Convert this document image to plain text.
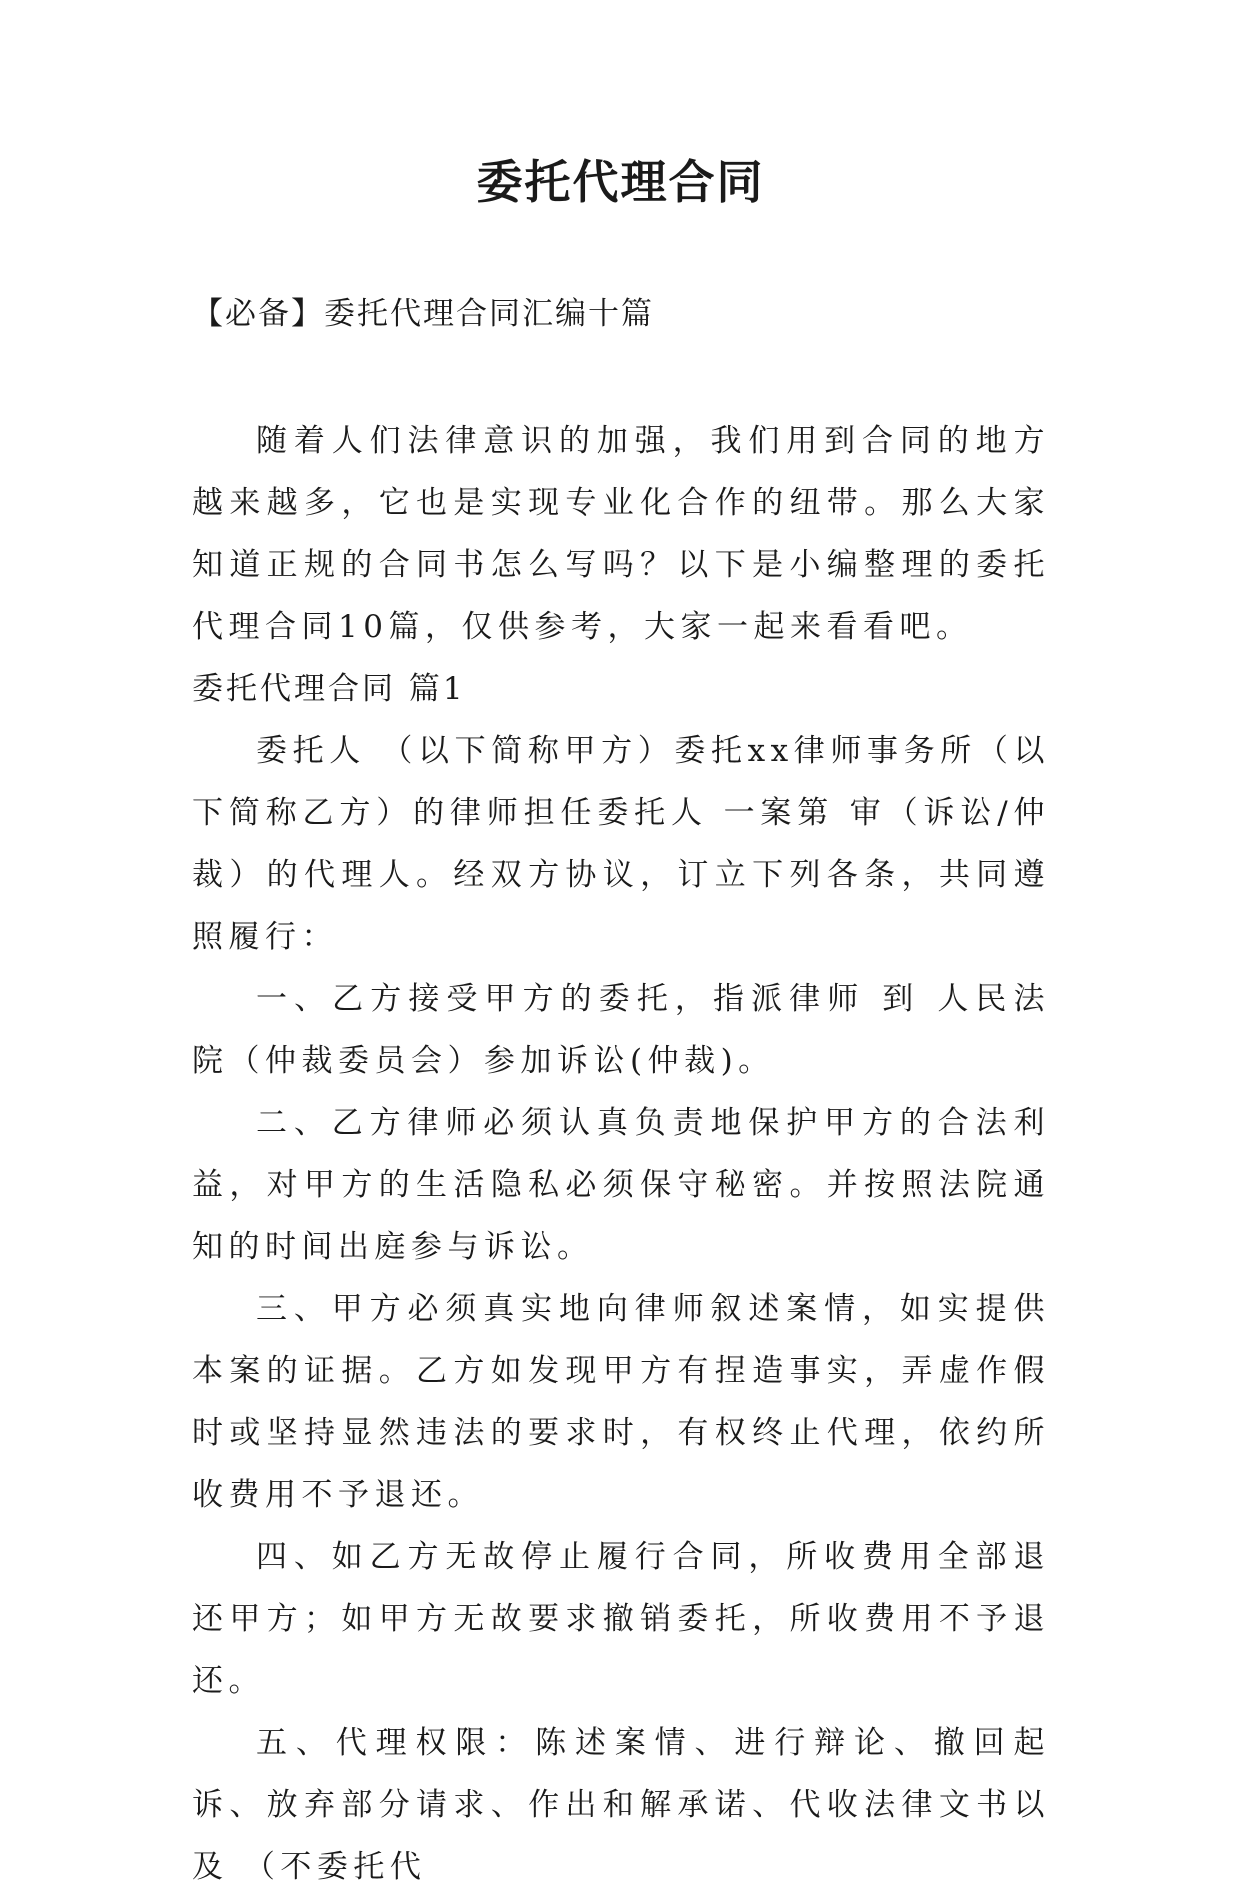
委托代理合同

【必备】委托代理合同汇编十篇

随着人们法律意识的加强，我们用到合同的地方越来越多，它也是实现专业化合作的纽带。那么大家知道正规的合同书怎么写吗？以下是小编整理的委托代理合同10篇，仅供参考，大家一起来看看吧。

委托代理合同 篇1

委托人 （以下简称甲方）委托xx律师事务所（以下简称乙方）的律师担任委托人 一案第 审（诉讼/仲裁）的代理人。经双方协议，订立下列各条，共同遵照履行：

一、乙方接受甲方的委托，指派律师 到 人民法院（仲裁委员会）参加诉讼(仲裁)。

二、乙方律师必须认真负责地保护甲方的合法利益，对甲方的生活隐私必须保守秘密。并按照法院通知的时间出庭参与诉讼。

三、甲方必须真实地向律师叙述案情，如实提供本案的证据。乙方如发现甲方有捏造事实，弄虚作假时或坚持显然违法的要求时，有权终止代理，依约所收费用不予退还。

四、如乙方无故停止履行合同，所收费用全部退还甲方；如甲方无故要求撤销委托，所收费用不予退还。

五、代理权限：陈述案情、进行辩论、撤回起诉、放弃部分请求、作出和解承诺、代收法律文书以及 （不委托代
